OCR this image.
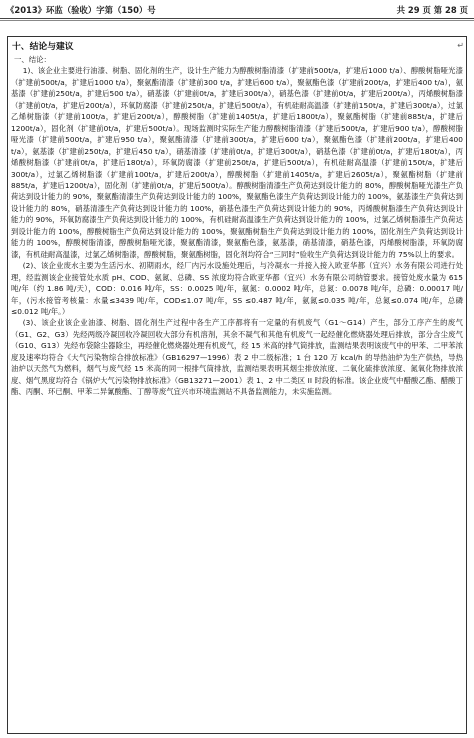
《2013》环监（验收）字第（150）号	共 29 页 第 28 页
十、结论与建议	↵

一、结论：

1)、该企业主要进行油漆、树脂、固化剂的生产，设计生产能力为醇酸树脂清漆（扩建前500t/a，扩建后1000 t/a）、醇酸树脂哑光漆（扩建前500t/a，扩建后1000 t/a），聚氨酯清漆（扩建前300 t/a，扩建后600 t/a），聚氨酯色漆（扩建前200t/a，扩建后400 t/a），氨基漆（扩建前250t/a，扩建后500 t/a），硝基漆（扩建前0t/a，扩建后300t/a），硝基色漆（扩建前0t/a，扩建后200t/a），丙烯酸树脂漆（扩建前0t/a，扩建后200t/a），环氧防腐漆（扩建前250t/a，扩建后500t/a），有机硅耐高温漆（扩建前150t/a，扩建后300t/a），过氯乙烯树脂漆（扩建前100t/a，扩建后200t/a），醇酸树脂（扩建前1405t/a，扩建后1800t/a），聚氨酯树脂（扩建前885t/a，扩建后1200t/a），固化剂（扩建前0t/a，扩建后500t/a）。现场监测时实际生产能力醇酸树脂清漆（扩建后500t/a，扩建后900 t/a），醇酸树脂哑光漆（扩建前500t/a，扩建后950 t/a），聚氨酯清漆（扩建前300t/a，扩建后600 t/a），聚氨酯色漆（扩建前200t/a，扩建后400 t/a），氨基漆（扩建前250t/a，扩建后450 t/a），硝基清漆（扩建前0t/a，扩建后300t/a），硝基色漆（扩建前0t/a，扩建后180t/a），丙烯酸树脂漆（扩建前0t/a，扩建后180t/a），环氧防腐漆（扩建前250t/a，扩建后500t/a），有机硅耐高温漆（扩建前150t/a，扩建后300t/a），过氯乙烯树脂漆（扩建前100t/a，扩建后200t/a），醇酸树脂（扩建前1405t/a，扩建后2605t/a），聚氨酯树脂（扩建前885t/a，扩建后1200t/a），固化剂（扩建前0t/a，扩建后500t/a）。醇酸树脂清漆生产负荷达到设计能力的 80%，醇酸树脂哑光漆生产负荷达到设计能力的 90%，聚氨酯清漆生产负荷达到设计能力的 100%，聚氨酯色漆生产负荷达到设计能力的 100%，氨基漆生产负荷达到设计能力的 80%，硝基清漆生产负荷达到设计能力的 100%，硝基色漆生产负荷达到设计能力的 90%，丙烯酸树脂漆生产负荷达到设计能力的 90%，环氧防腐漆生产负荷达到设计能力的 100%，有机硅耐高温漆生产负荷达到设计能力的 100%，过氯乙烯树脂漆生产负荷达到设计能力的 100%，醇酸树脂生产负荷达到设计能力的 100%，聚氨酯树脂生产负荷达到设计能力的 100%，固化剂生产负荷达到设计能力的 100%，醇酸树脂清漆，醇酸树脂哑光漆，聚氨酯清漆，聚氨酯色漆，氨基漆，硝基清漆，硝基色漆，丙烯酸树脂漆，环氧防腐漆，有机硅耐高温漆，过氯乙烯树脂漆，醇酸树脂，聚氨酯树脂，固化剂均符合“三同时”验收生产负荷达到设计能力的 75%以上的要求。

(2)、该企业废水主要为生活污水、初期雨水，经厂内污水设施处理后，与冷凝水一并接入接入欧亚华都（宜兴）水务有限公司进行处理，经监测该企业接管处水质 pH、COD、氨氮、总磷、SS 浓度均符合欧亚华都（宜兴）水务有限公司纳管要求。接管处废水量为 615 吨/年（约 1.86 吨/天），COD：0.016 吨/年，SS：0.0025 吨/年，氨氮：0.0002 吨/年，总氮：0.0078 吨/年，总磷：0.00017 吨/年，(污水接管考核量：水量≤3439 吨/年，COD≤1.07 吨/年，SS ≤0.487 吨/年，氨氮≤0.035 吨/年，总氮≤0.074 吨/年，总磷≤0.012 吨/年。）

(3)、该企业该企业油漆、树脂、固化剂生产过程中各生产工序都将有一定量的有机废气（G1～G14）产生，部分工序产生的废气（G1、G2、G3）先经两级冷凝回收冷凝回收大部分有机溶剂，其余不凝气和其他有机废气一起经催化燃烧器处理后排放，部分含尘废气（G10、G13）先经布袋除尘器除尘，再经催化燃烧器处理有机废气，经 15 米高的排气筒排放，监测结果表明该废气中的甲苯、二甲苯浓度及速率均符合《大气污染物综合排放标准》（GB16297—1996）表 2 中二级标准；1 台 120 万 kcal/h 的导热油炉为生产供热，导热油炉以天然气为燃料，烟气与废气经 15 米高的同一根排气筒排放，监测结果表明其烟尘排放浓度、二氧化硫排放浓度、氮氧化物排放浓度、烟气黑度均符合《锅炉大气污染物排放标准》（GB13271—2001）表 1、2 中二类区 II 时段的标准。该企业废气中醋酸乙酯、醋酸丁酯、丙酮、环已酮、甲苯二异氰酸酯、丁醇等废气宜兴市环境监测站不具备监测能力，未实施监测。
